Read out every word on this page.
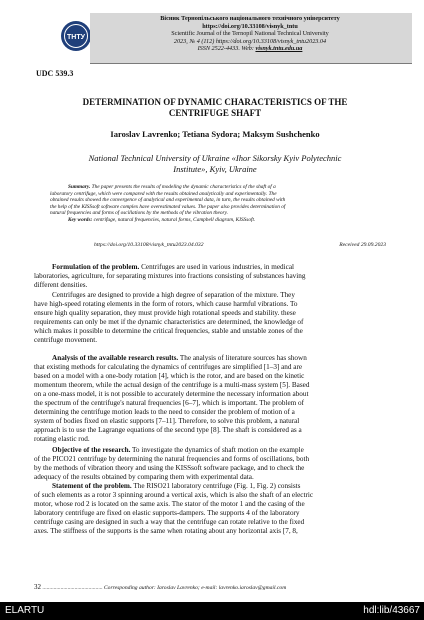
ТНТУ
Вісник Тернопільського національного технічного університету
https://doi.org/10.33108/visnyk_tntu
Scientific Journal of the Ternopil National Technical University
2023, № 4 (112) https://doi.org/10.33108/visnyk_tntu2023.04
ISSN 2522-4433. Web: visnyk.tntu.edu.ua
UDC 539.3
DETERMINATION OF DYNAMIC CHARACTERISTICS OF THE
CENTRIFUGE SHAFT
Iaroslav Lavrenko; Tetiana Sydora; Maksym Sushchenko
National Technical University of Ukraine «Ihor Sikorsky Kyiv Polytechnic
Institute», Kyiv, Ukraine
Summary. The paper presents the results of modeling the dynamic characteristics of the shaft of a
laboratory centrifuge, which were compared with the results obtained analytically and experimentally. The
obtained results showed the convergence of analytical and experimental data, in turn, the results obtained with
the help of the KISSsoft software complex have overestimated values. The paper also provides determination of
natural frequencies and forms of oscillations by the methods of the vibration theory.
Key words: centrifuge, natural frequencies, natural forms, Campbell diagram, KISSsoft.
https://doi.org/10.33108/visnyk_tntu2023.04.032	Received 29.09.2023
Formulation of the problem. Centrifuges are used in various industries, in medical
laboratories, agriculture, for separating mixtures into fractions consisting of substances having
different densities.
Centrifuges are designed to provide a high degree of separation of the mixture. They
have high-speed rotating elements in the form of rotors, which cause harmful vibrations. To
ensure high quality separation, they must provide high rotational speeds and stability. these
requirements can only be met if the dynamic characteristics are determined, the knowledge of
which makes it possible to determine the critical frequencies, stable and unstable zones of the
centrifuge movement.
Analysis of the available research results. The analysis of literature sources has shown
that existing methods for calculating the dynamics of centrifuges are simplified [1–3] and are
based on a model with a one-body rotation [4], which is the rotor, and are based on the kinetic
momentum theorem, while the actual design of the centrifuge is a multi-mass system [5]. Based
on a one-mass model, it is not possible to accurately determine the necessary information about
the spectrum of the centrifuge's natural frequencies [6–7], which is important. The problem of
determining the centrifuge motion leads to the need to consider the problem of motion of a
system of bodies fixed on elastic supports [7–11]. Therefore, to solve this problem, a natural
approach is to use the Lagrange equations of the second type [8]. The shaft is considered as a
rotating elastic rod.
Objective of the research. To investigate the dynamics of shaft motion on the example
of the PICO21 centrifuge by determining the natural frequencies and forms of oscillations, both
by the methods of vibration theory and using the KISSsoft software package, and to check the
adequacy of the results obtained by comparing them with experimental data.
Statement of the problem. The RISO21 laboratory centrifuge (Fig. 1, Fig. 2) consists
of such elements as a rotor 3 spinning around a vertical axis, which is also the shaft of an electric
motor, whose rod 2 is located on the same axis. The stator of the motor 1 and the casing of the
laboratory centrifuge are fixed on elastic supports-dampers. The supports 4 of the laboratory
centrifuge casing are designed in such a way that the centrifuge can rotate relative to the fixed
axes. The stiffness of the supports is the same when rotating about any horizontal axis [7, 8,
32 ........................................... Corresponding author: Iaroslav Lavrenko; e-mail: lavrenko.iaroslav@gmail.com
ELARTU	hdl:lib/43667
